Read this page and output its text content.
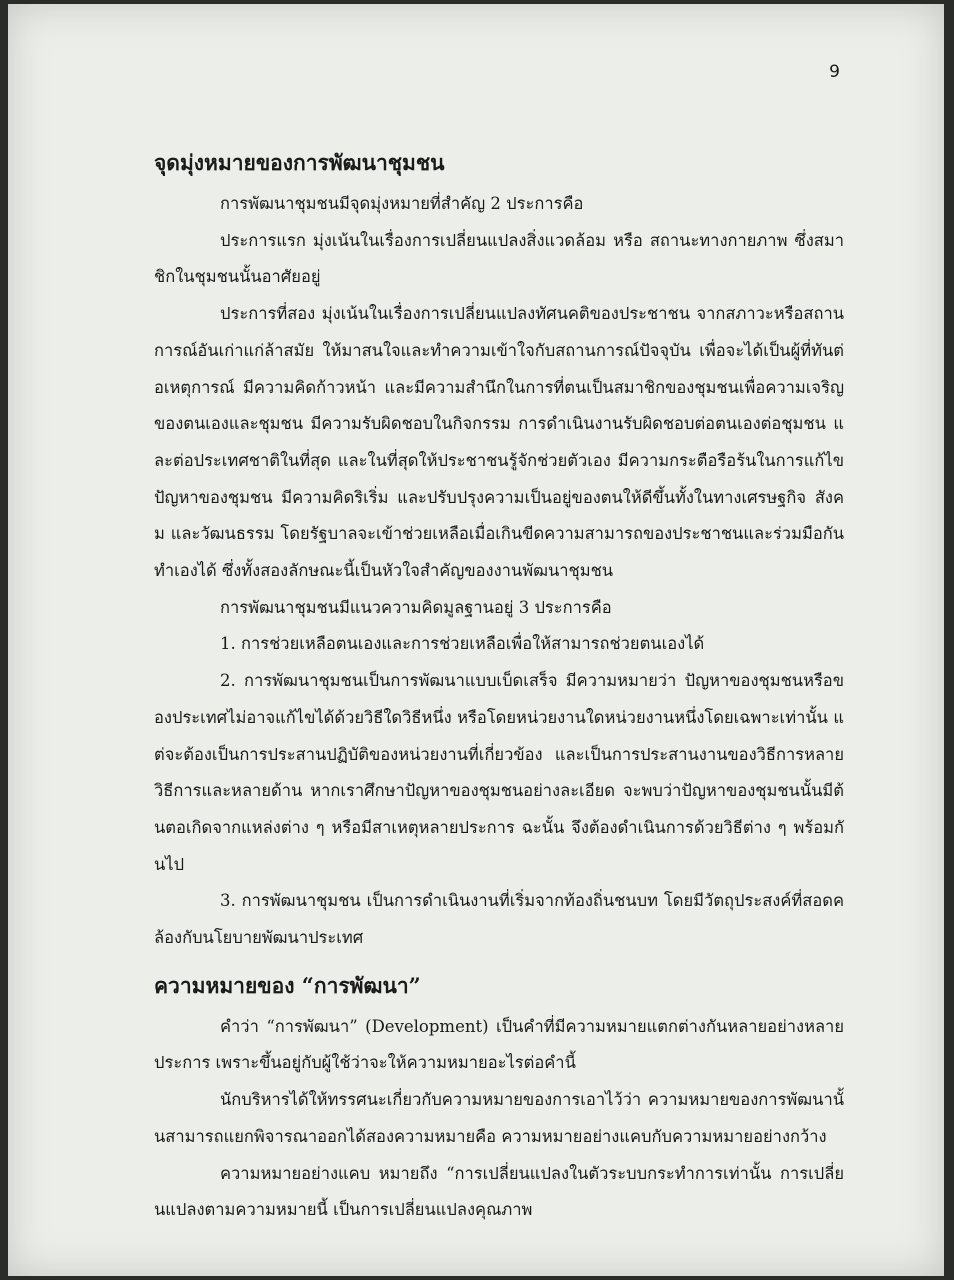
9
จุดมุ่งหมายของการพัฒนาชุมชน

การพัฒนาชุมชนมีจุดมุ่งหมายที่สำคัญ 2 ประการคือ

ประการแรก มุ่งเน้นในเรื่องการเปลี่ยนแปลงสิ่งแวดล้อม หรือ สถานะทางกายภาพ ซึ่งสมาชิกในชุมชนนั้นอาศัยอยู่

ประการที่สอง มุ่งเน้นในเรื่องการเปลี่ยนแปลงทัศนคติของประชาชน จากสภาวะหรือสถานการณ์อันเก่าแก่ล้าสมัย ให้มาสนใจและทำความเข้าใจกับสถานการณ์ปัจจุบัน เพื่อจะได้เป็นผู้ที่ทันต่อเหตุการณ์ มีความคิดก้าวหน้า และมีความสำนึกในการที่ตนเป็นสมาชิกของชุมชนเพื่อความเจริญของตนเองและชุมชน มีความรับผิดชอบในกิจกรรม การดำเนินงานรับผิดชอบต่อตนเองต่อชุมชน และต่อประเทศชาติในที่สุด และในที่สุดให้ประชาชนรู้จักช่วยตัวเอง มีความกระตือรือร้นในการแก้ไขปัญหาของชุมชน มีความคิดริเริ่ม และปรับปรุงความเป็นอยู่ของตนให้ดีขึ้นทั้งในทางเศรษฐกิจ สังคม และวัฒนธรรม โดยรัฐบาลจะเข้าช่วยเหลือเมื่อเกินขีดความสามารถของประชาชนและร่วมมือกันทำเองได้ ซึ่งทั้งสองลักษณะนี้เป็นหัวใจสำคัญของงานพัฒนาชุมชน

การพัฒนาชุมชนมีแนวความคิดมูลฐานอยู่ 3 ประการคือ

1. การช่วยเหลือตนเองและการช่วยเหลือเพื่อให้สามารถช่วยตนเองได้
2. การพัฒนาชุมชนเป็นการพัฒนาแบบเบ็ดเสร็จ มีความหมายว่า ปัญหาของชุมชนหรือของประเทศไม่อาจแก้ไขได้ด้วยวิธีใดวิธีหนึ่ง หรือโดยหน่วยงานใดหน่วยงานหนึ่งโดยเฉพาะเท่านั้น แต่จะต้องเป็นการประสานปฏิบัติของหน่วยงานที่เกี่ยวข้อง และเป็นการประสานงานของวิธีการหลายวิธีการและหลายด้าน หากเราศึกษาปัญหาของชุมชนอย่างละเอียด จะพบว่าปัญหาของชุมชนนั้นมีต้นตอเกิดจากแหล่งต่าง ๆ หรือมีสาเหตุหลายประการ ฉะนั้น จึงต้องดำเนินการด้วยวิธีต่าง ๆ พร้อมกันไป
3. การพัฒนาชุมชน เป็นการดำเนินงานที่เริ่มจากท้องถิ่นชนบท โดยมีวัตถุประสงค์ที่สอดคล้องกับนโยบายพัฒนาประเทศ
ความหมายของ “การพัฒนา”

คำว่า “การพัฒนา” (Development) เป็นคำที่มีความหมายแตกต่างกันหลายอย่างหลายประการ เพราะขึ้นอยู่กับผู้ใช้ว่าจะให้ความหมายอะไรต่อคำนี้

นักบริหารได้ให้ทรรศนะเกี่ยวกับความหมายของการเอาไว้ว่า ความหมายของการพัฒนานั้นสามารถแยกพิจารณาออกได้สองความหมายคือ ความหมายอย่างแคบกับความหมายอย่างกว้าง

ความหมายอย่างแคบ หมายถึง “การเปลี่ยนแปลงในตัวระบบกระทำการเท่านั้น การเปลี่ยนแปลงตามความหมายนี้ เป็นการเปลี่ยนแปลงคุณภาพ
